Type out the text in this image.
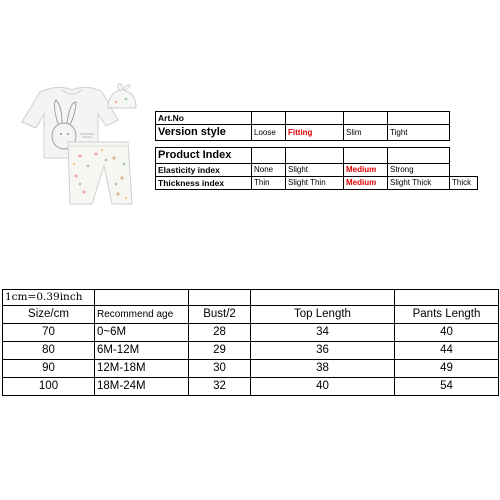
Art.No					
Version style	Loose	Fitting	Slim	Tight	

Product Index					
Elasticity index	None	Slight	Medium	Strong	
Thickness index	Thin	Slight Thin	Medium	Slight Thick	Thick
1cm=0.39inch				
Size/cm	Recommend age	Bust/2	Top Length	Pants Length
70	0~6M	28	34	40
80	6M-12M	29	36	44
90	12M-18M	30	38	49
100	18M-24M	32	40	54
